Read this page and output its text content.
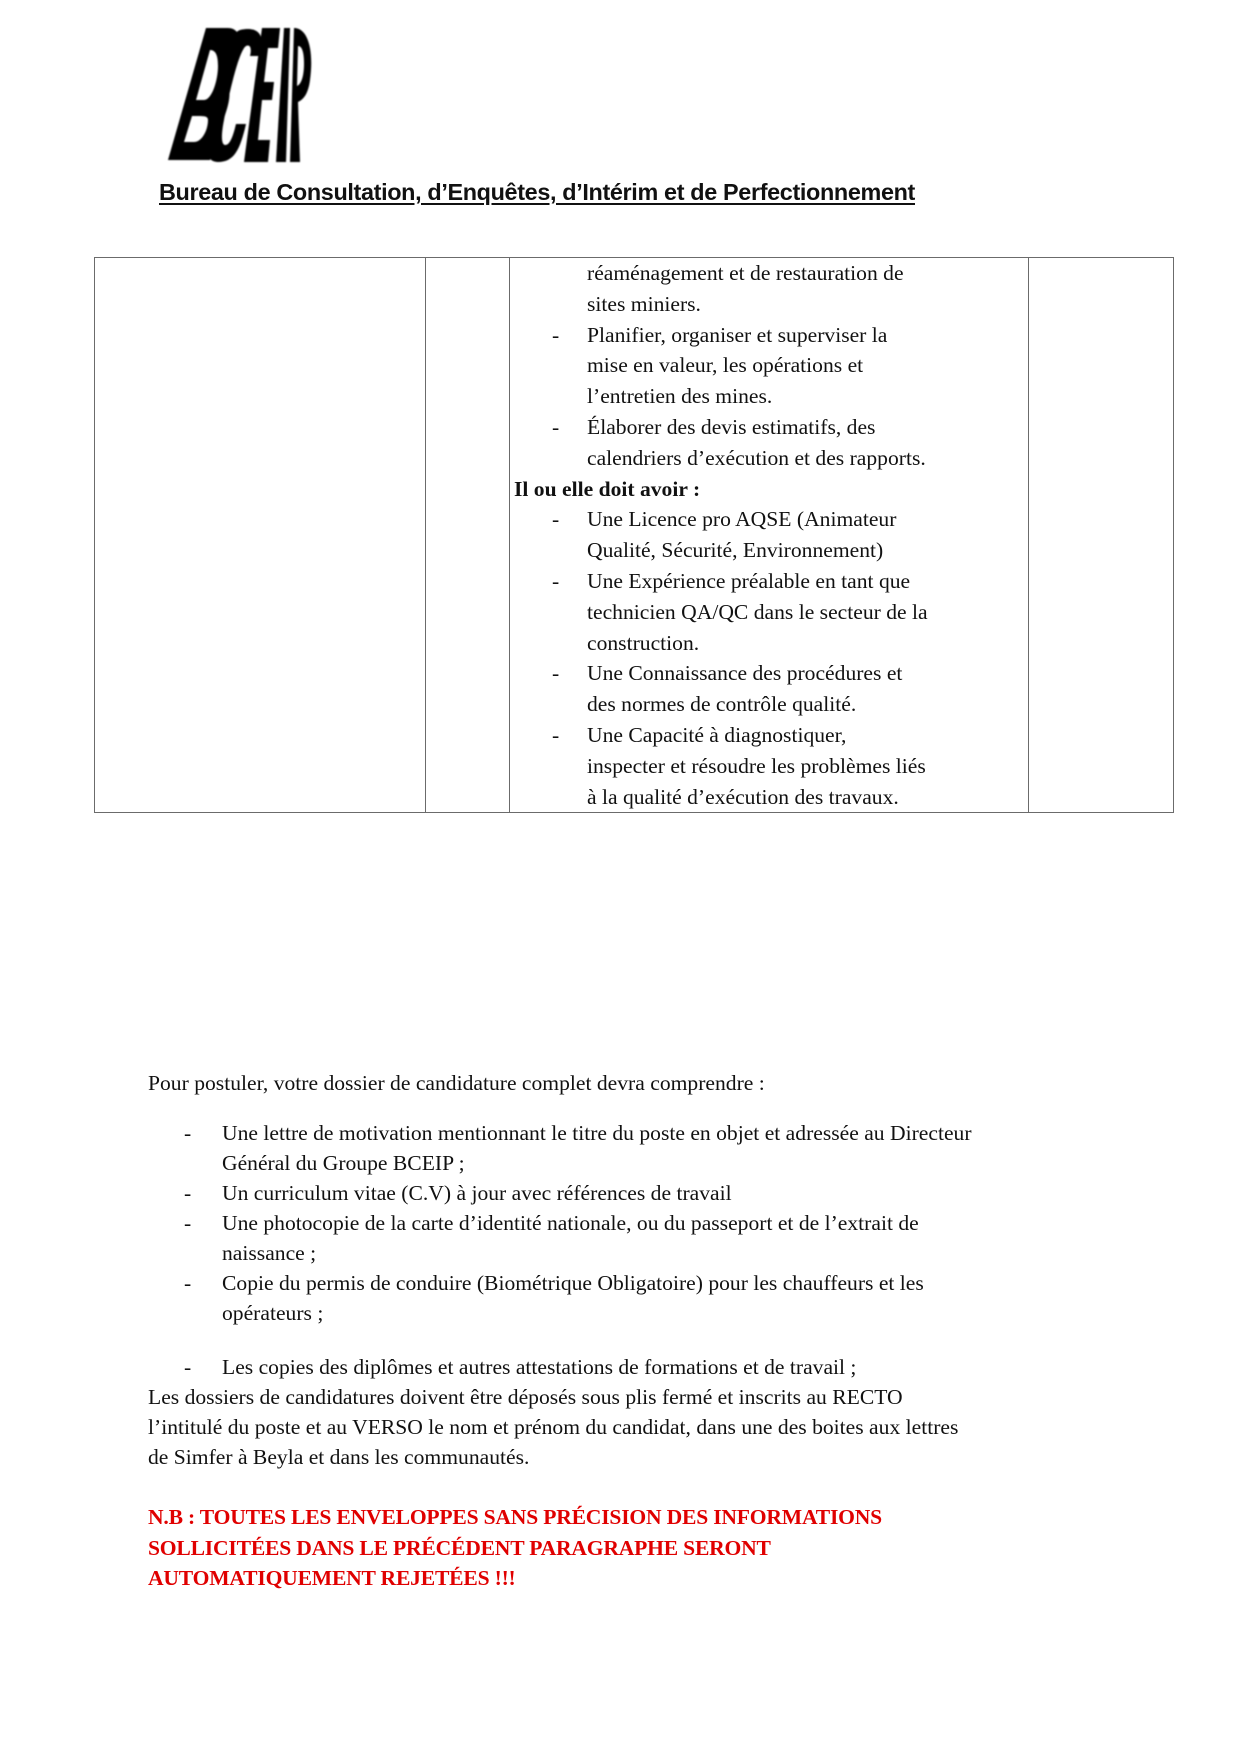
Bureau de Consultation, d’Enquêtes, d’Intérim et de Perfectionnement

réaménagement et de restauration de
sites miniers.
- Planifier, organiser et superviser la
mise en valeur, les opérations et
l’entretien des mines.
- Élaborer des devis estimatifs, des
calendriers d’exécution et des rapports.
Il ou elle doit avoir :
- Une Licence pro AQSE (Animateur
Qualité, Sécurité, Environnement)
- Une Expérience préalable en tant que
technicien QA/QC dans le secteur de la
construction.
- Une Connaissance des procédures et
des normes de contrôle qualité.
- Une Capacité à diagnostiquer,
inspecter et résoudre les problèmes liés
à la qualité d’exécution des travaux.

Pour postuler, votre dossier de candidature complet devra comprendre :
- Une lettre de motivation mentionnant le titre du poste en objet et adressée au Directeur
Général du Groupe BCEIP ;
- Un curriculum vitae (C.V) à jour avec références de travail
- Une photocopie de la carte d’identité nationale, ou du passeport et de l’extrait de
naissance ;
- Copie du permis de conduire (Biométrique Obligatoire) pour les chauffeurs et les
opérateurs ;
- Les copies des diplômes et autres attestations de formations et de travail ;
Les dossiers de candidatures doivent être déposés sous plis fermé et inscrits au RECTO
l’intitulé du poste et au VERSO le nom et prénom du candidat, dans une des boites aux lettres
de Simfer à Beyla et dans les communautés.
N.B : TOUTES LES ENVELOPPES SANS PRÉCISION DES INFORMATIONS
SOLLICITÉES DANS LE PRÉCÉDENT PARAGRAPHE SERONT
AUTOMATIQUEMENT REJETÉES !!!
